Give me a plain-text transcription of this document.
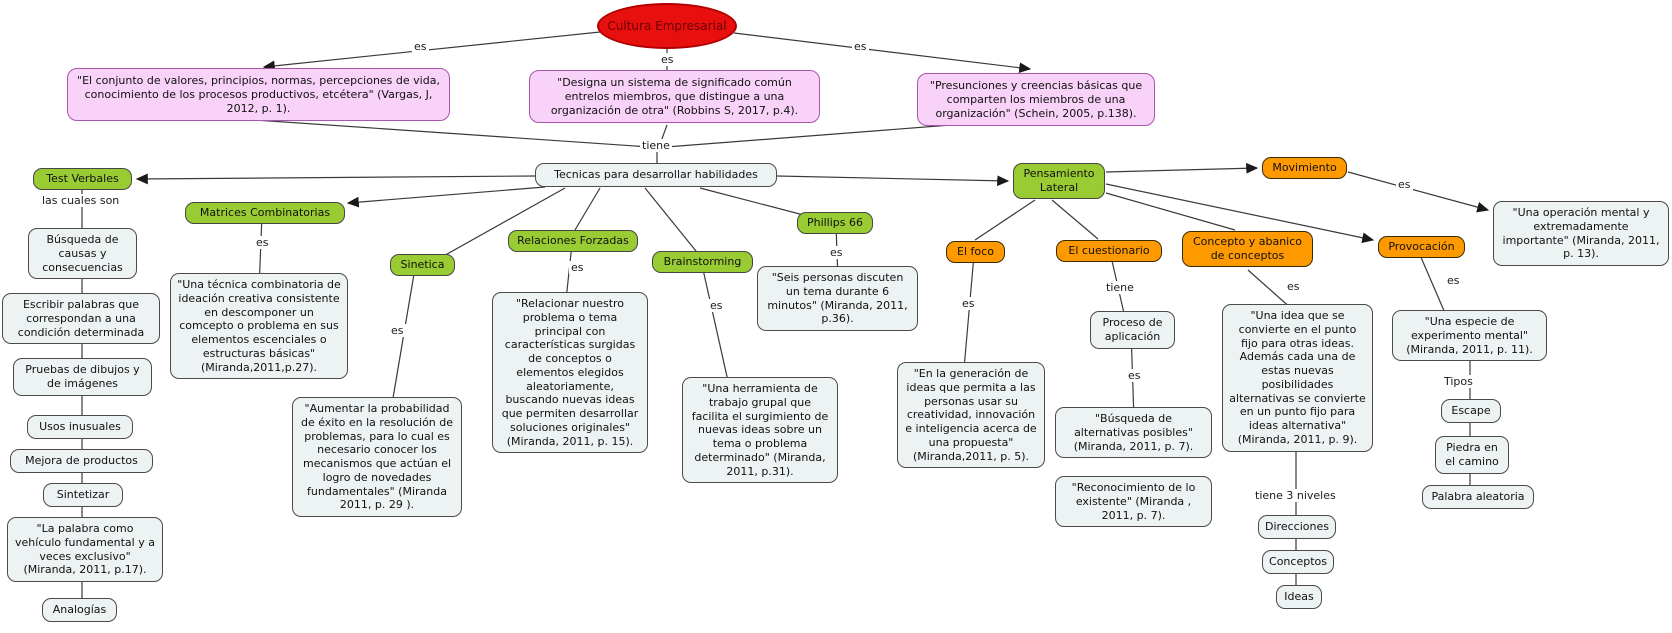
Cultura Empresarial
"El conjunto de valores, principios, normas, percepciones de vida, conocimiento de los procesos productivos, etcétera" (Vargas, J, 2012, p. 1).
"Designa un sistema de significado común entrelos miembros, que distingue a una organización de otra" (Robbins S, 2017, p.4).
"Presunciones y creencias básicas que comparten los miembros de una organización" (Schein, 2005, p.138).
Tecnicas para desarrollar habilidades
Test Verbales
Matrices Combinatorias
Sinetica
Relaciones Forzadas
Brainstorming
Phillips 66
Pensamiento Lateral
Movimiento
El foco	El cuestionario
Concepto y abanico de conceptos
Provocación
Búsqueda de causas y consecuencias
Escribir palabras que correspondan a una condición determinada
Pruebas de dibujos y de imágenes
Usos inusuales
Mejora de productos
Sintetizar
"La palabra como vehículo fundamental y a veces exclusivo" (Miranda, 2011, p.17).
Analogías
"Una técnica combinatoria de ideación creativa consistente en descomponer un comcepto o problema en sus elementos escenciales o estructuras básicas" (Miranda,2011,p.27).
"Aumentar la probabilidad de éxito en la resolución de problemas, para lo cual es necesario conocer los mecanismos que actúan el logro de novedades fundamentales" (Miranda 2011, p. 29 ).
"Relacionar nuestro problema o tema principal con características surgidas de conceptos o elementos elegidos aleatoriamente, buscando nuevas ideas que permiten desarrollar soluciones originales" (Miranda, 2011, p. 15).
"Una herramienta de trabajo grupal que facilita el surgimiento de nuevas ideas sobre un tema o problema determinado" (Miranda, 2011, p.31).
"Seis personas discuten un tema durante 6 minutos" (Miranda, 2011, p.36).
"En la generación de ideas que permita a las personas usar su creatividad, innovación e inteligencia acerca de una propuesta" (Miranda,2011, p. 5).
Proceso de aplicación
"Búsqueda de alternativas posibles" (Miranda, 2011, p. 7).
"Reconocimiento de lo existente" (Miranda , 2011, p. 7).
"Una idea que se convierte en el punto fijo para otras ideas. Además cada una de estas nuevas posibilidades alternativas se convierte en un punto fijo para ideas alternativa" (Miranda, 2011, p. 9).
Direcciones
Conceptos
Ideas
"Una especie de experimento mental" (Miranda, 2011, p. 11).
Escape
Piedra en el camino
Palabra aleatoria
"Una operación mental y extremadamente importante" (Miranda, 2011, p. 13).
es
es
es
tiene
las cuales son
es
es
es
es
es
es
tiene
es
es
tiene 3 niveles
es
Tipos
es
